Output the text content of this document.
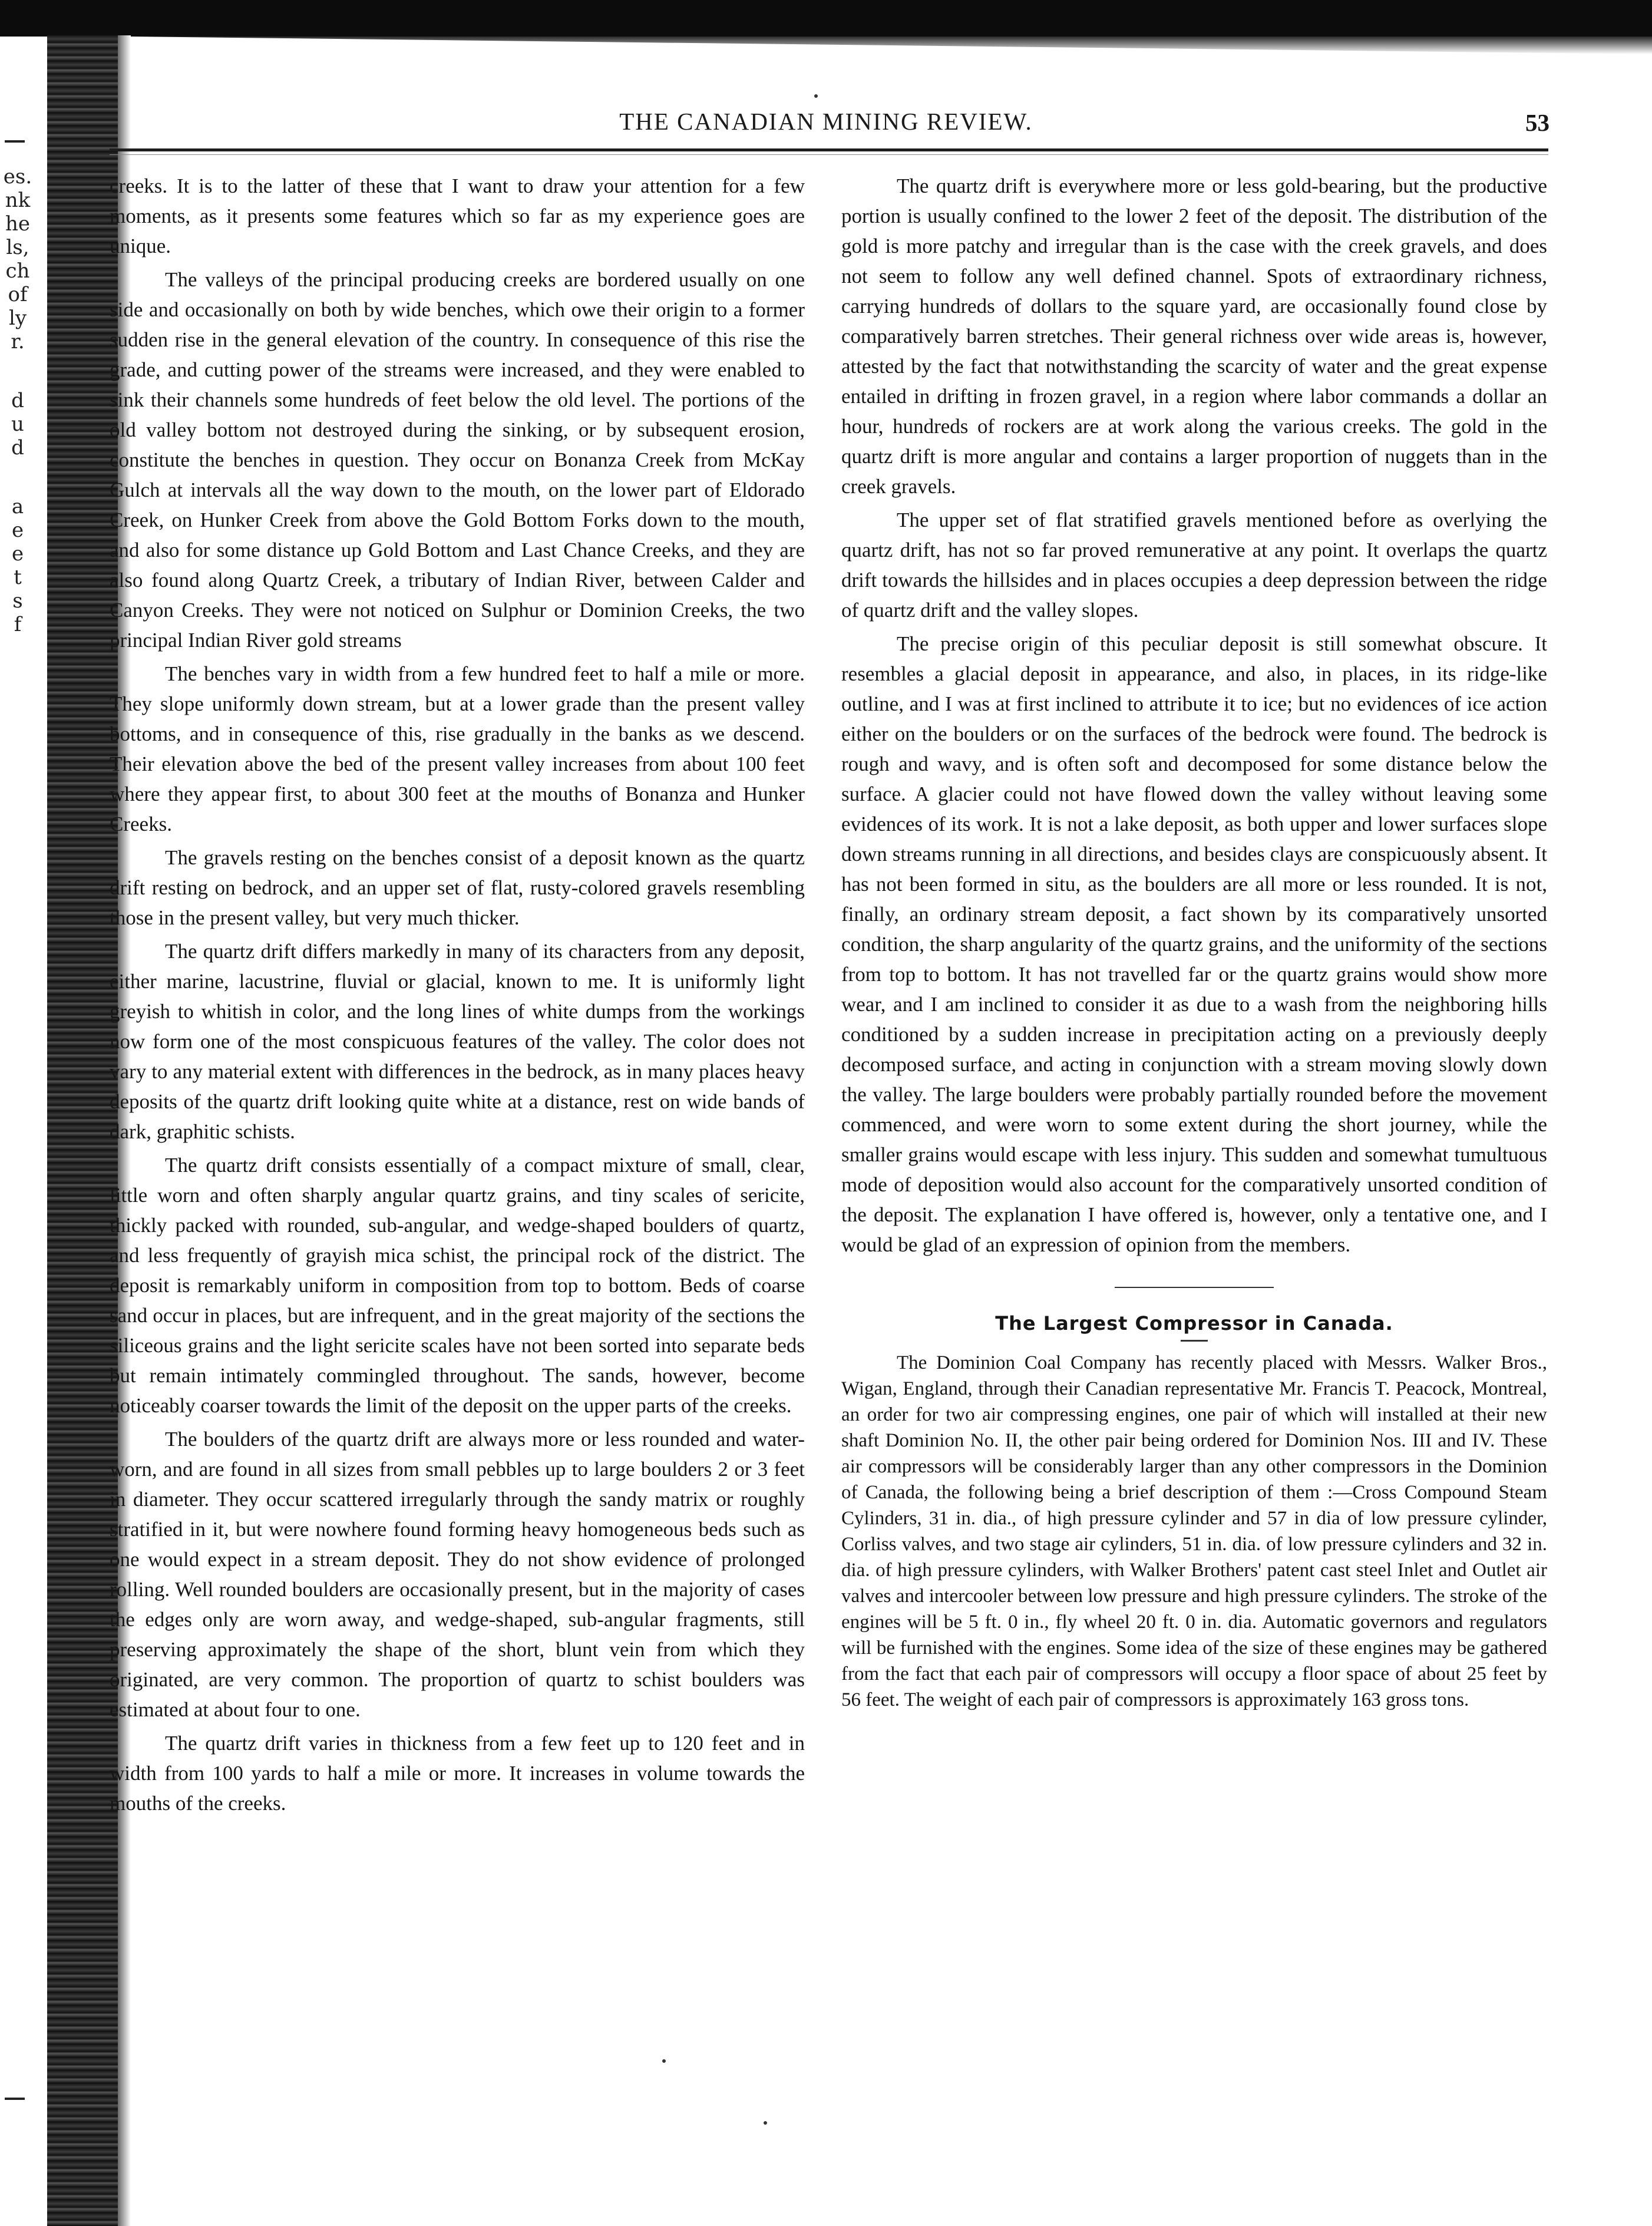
es.
nk
he
ls,
ch
of
ly
r.
d
u
d
a
e
e
t
s
f
THE CANADIAN MINING REVIEW.	53

creeks. It is to the latter of these that I want to draw your attention for a few moments, as it presents some features which so far as my experience goes are unique.

The valleys of the principal producing creeks are bordered usually on one side and occasionally on both by wide benches, which owe their origin to a former sudden rise in the general elevation of the country. In consequence of this rise the grade, and cutting power of the streams were increased, and they were enabled to sink their channels some hundreds of feet below the old level. The portions of the old valley bottom not destroyed during the sinking, or by subsequent erosion, constitute the benches in question. They occur on Bonanza Creek from McKay Gulch at intervals all the way down to the mouth, on the lower part of Eldorado Creek, on Hunker Creek from above the Gold Bottom Forks down to the mouth, and also for some distance up Gold Bottom and Last Chance Creeks, and they are also found along Quartz Creek, a tributary of Indian River, between Calder and Canyon Creeks. They were not noticed on Sulphur or Dominion Creeks, the two principal Indian River gold streams

The benches vary in width from a few hundred feet to half a mile or more. They slope uniformly down stream, but at a lower grade than the present valley bottoms, and in consequence of this, rise gradually in the banks as we descend. Their elevation above the bed of the present valley increases from about 100 feet where they appear first, to about 300 feet at the mouths of Bonanza and Hunker Creeks.

The gravels resting on the benches consist of a deposit known as the quartz drift resting on bedrock, and an upper set of flat, rusty-colored gravels resembling those in the present valley, but very much thicker.

The quartz drift differs markedly in many of its characters from any deposit, either marine, lacustrine, fluvial or glacial, known to me. It is uniformly light greyish to whitish in color, and the long lines of white dumps from the workings now form one of the most conspicuous features of the valley. The color does not vary to any material extent with differences in the bedrock, as in many places heavy deposits of the quartz drift looking quite white at a distance, rest on wide bands of dark, graphitic schists.

The quartz drift consists essentially of a compact mixture of small, clear, little worn and often sharply angular quartz grains, and tiny scales of sericite, thickly packed with rounded, sub-angular, and wedge-shaped boulders of quartz, and less frequently of grayish mica schist, the principal rock of the district. The deposit is remarkably uniform in composition from top to bottom. Beds of coarse sand occur in places, but are infrequent, and in the great majority of the sections the siliceous grains and the light sericite scales have not been sorted into separate beds but remain intimately commingled throughout. The sands, however, become noticeably coarser towards the limit of the deposit on the upper parts of the creeks.

The boulders of the quartz drift are always more or less rounded and water-worn, and are found in all sizes from small pebbles up to large boulders 2 or 3 feet in diameter. They occur scattered irregularly through the sandy matrix or roughly stratified in it, but were nowhere found forming heavy homogeneous beds such as one would expect in a stream deposit. They do not show evidence of prolonged rolling. Well rounded boulders are occasionally present, but in the majority of cases the edges only are worn away, and wedge-shaped, sub-angular fragments, still preserving approximately the shape of the short, blunt vein from which they originated, are very common. The proportion of quartz to schist boulders was estimated at about four to one.

The quartz drift varies in thickness from a few feet up to 120 feet and in width from 100 yards to half a mile or more. It increases in volume towards the mouths of the creeks.

The quartz drift is everywhere more or less gold-bearing, but the productive portion is usually confined to the lower 2 feet of the deposit. The distribution of the gold is more patchy and irregular than is the case with the creek gravels, and does not seem to follow any well defined channel. Spots of extraordinary richness, carrying hundreds of dollars to the square yard, are occasionally found close by comparatively barren stretches. Their general richness over wide areas is, however, attested by the fact that notwithstanding the scarcity of water and the great expense entailed in drifting in frozen gravel, in a region where labor commands a dollar an hour, hundreds of rockers are at work along the various creeks. The gold in the quartz drift is more angular and contains a larger proportion of nuggets than in the creek gravels.

The upper set of flat stratified gravels mentioned before as overlying the quartz drift, has not so far proved remunerative at any point. It overlaps the quartz drift towards the hillsides and in places occupies a deep depression between the ridge of quartz drift and the valley slopes.

The precise origin of this peculiar deposit is still somewhat obscure. It resembles a glacial deposit in appearance, and also, in places, in its ridge-like outline, and I was at first inclined to attribute it to ice; but no evidences of ice action either on the boulders or on the surfaces of the bedrock were found. The bedrock is rough and wavy, and is often soft and decomposed for some distance below the surface. A glacier could not have flowed down the valley without leaving some evidences of its work. It is not a lake deposit, as both upper and lower surfaces slope down streams running in all directions, and besides clays are conspicuously absent. It has not been formed in situ, as the boulders are all more or less rounded. It is not, finally, an ordinary stream deposit, a fact shown by its comparatively unsorted condition, the sharp angularity of the quartz grains, and the uniformity of the sections from top to bottom. It has not travelled far or the quartz grains would show more wear, and I am inclined to consider it as due to a wash from the neighboring hills conditioned by a sudden increase in precipitation acting on a previously deeply decomposed surface, and acting in conjunction with a stream moving slowly down the valley. The large boulders were probably partially rounded before the movement commenced, and were worn to some extent during the short journey, while the smaller grains would escape with less injury. This sudden and somewhat tumultuous mode of deposition would also account for the comparatively unsorted condition of the deposit. The explanation I have offered is, however, only a tentative one, and I would be glad of an expression of opinion from the members.

The Largest Compressor in Canada.

The Dominion Coal Company has recently placed with Messrs. Walker Bros., Wigan, England, through their Canadian representative Mr. Francis T. Peacock, Montreal, an order for two air compressing engines, one pair of which will installed at their new shaft Dominion No. II, the other pair being ordered for Dominion Nos. III and IV. These air compressors will be considerably larger than any other compressors in the Dominion of Canada, the following being a brief description of them :—Cross Compound Steam Cylinders, 31 in. dia., of high pressure cylinder and 57 in dia of low pressure cylinder, Corliss valves, and two stage air cylinders, 51 in. dia. of low pressure cylinders and 32 in. dia. of high pressure cylinders, with Walker Brothers' patent cast steel Inlet and Outlet air valves and intercooler between low pressure and high pressure cylinders. The stroke of the engines will be 5 ft. 0 in., fly wheel 20 ft. 0 in. dia. Automatic governors and regulators will be furnished with the engines. Some idea of the size of these engines may be gathered from the fact that each pair of compressors will occupy a floor space of about 25 feet by 56 feet. The weight of each pair of compressors is approximately 163 gross tons.
